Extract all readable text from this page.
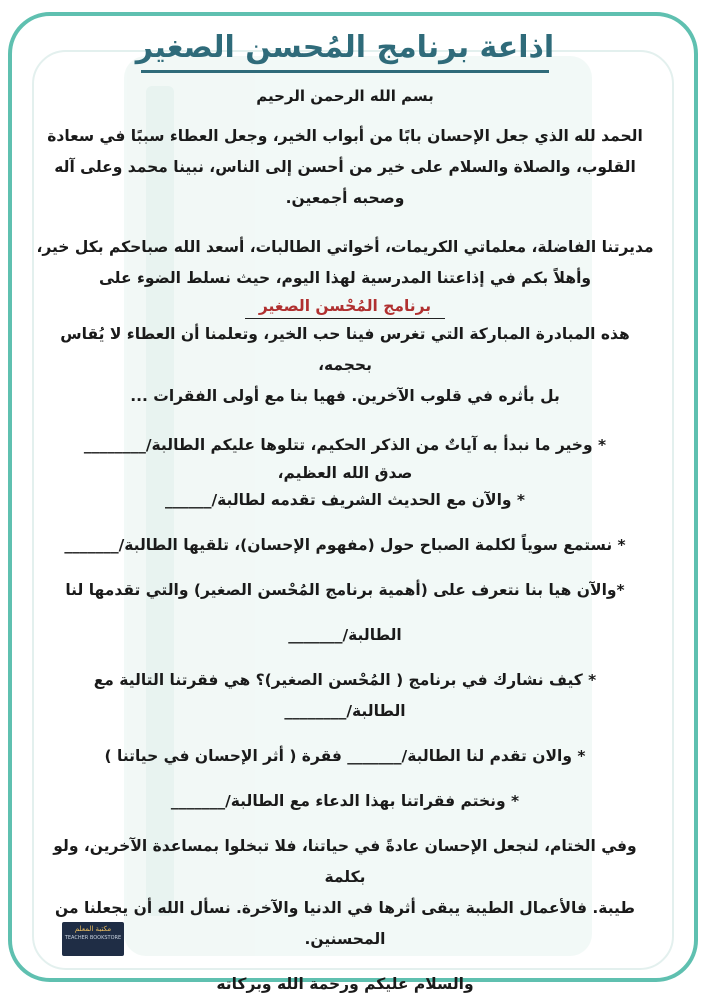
اذاعة برنامج المُحسن الصغير
بسم الله الرحمن الرحيم

الحمد لله الذي جعل الإحسان بابًا من أبواب الخير، وجعل العطاء سببًا في سعادة

القلوب، والصلاة والسلام على خير من أحسن إلى الناس، نبينا محمد وعلى آله

وصحبه أجمعين.

مديرتنا الفاضلة، معلماتي الكريمات، أخواتي الطالبات، أسعد الله صباحكم بكل خير،

وأهلاً بكم في إذاعتنا المدرسية لهذا اليوم، حيث نسلط الضوء على

برنامج المُحْسن الصغير

هذه المبادرة المباركة التي تغرس فينا حب الخير، وتعلمنا أن العطاء لا يُقاس بحجمه،

بل بأثره في قلوب الآخرين. فهيا بنا مع أولى الفقرات ...

* وخير ما نبدأ به آياتٌ من الذكر الحكيم، تتلوها عليكم الطالبة/________

صدق الله العظيم،

* والآن مع الحديث الشريف تقدمه لطالبة/______

* نستمع سوياً لكلمة الصباح حول (مفهوم الإحسان)، تلقيها الطالبة/_______

*والآن هيا بنا نتعرف على (أهمية برنامج المُحْسن الصغير) والتي تقدمها لنا

الطالبة/_______

* كيف نشارك في برنامج ( المُحْسن الصغير)؟ هي فقرتنا التالية مع الطالبة/________

* والان تقدم لنا الطالبة/_______ فقرة ( أثر الإحسان في حياتنا )

* ونختم فقراتنا بهذا الدعاء مع الطالبة/_______

وفي الختام، لنجعل الإحسان عادةً في حياتنا، فلا تبخلوا بمساعدة الآخرين، ولو بكلمة

طيبة. فالأعمال الطيبة يبقى أثرها في الدنيا والآخرة. نسأل الله أن يجعلنا من

المحسنين.

والسلام عليكم ورحمة الله وبركاته

مكتبة المعلم
TEACHER BOOKSTORE
